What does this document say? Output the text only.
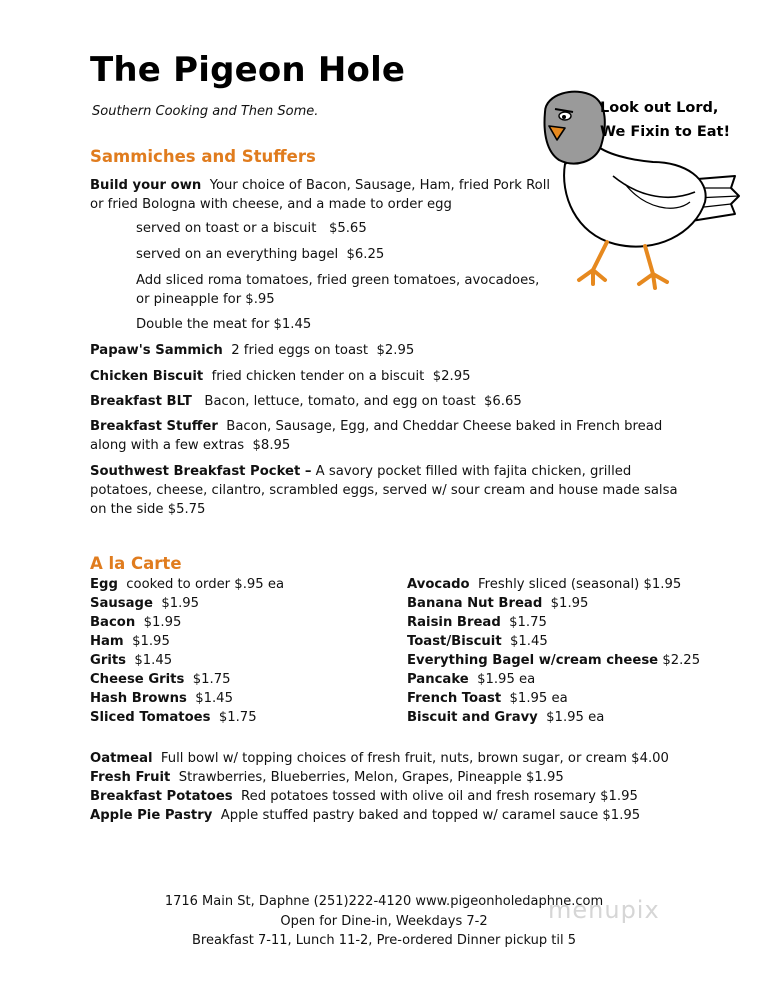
The Pigeon Hole
Southern Cooking and Then Some.	Look out Lord,
We Fixin to Eat!
Sammiches and Stuffers
Build your own Your choice of Bacon, Sausage, Ham, fried Pork Roll
or fried Bologna with cheese, and a made to order egg
served on toast or a biscuit $5.65
served on an everything bagel $6.25
Add sliced roma tomatoes, fried green tomatoes, avocadoes, or pineapple for $.95
Double the meat for $1.45
Papaw's Sammich 2 fried eggs on toast $2.95
Chicken Biscuit fried chicken tender on a biscuit $2.95
Breakfast BLT Bacon, lettuce, tomato, and egg on toast $6.65
Breakfast Stuffer Bacon, Sausage, Egg, and Cheddar Cheese baked in French bread along with a few extras $8.95
Southwest Breakfast Pocket – A savory pocket filled with fajita chicken, grilled potatoes, cheese, cilantro, scrambled eggs, served w/ sour cream and house made salsa on the side $5.75
A la Carte
Egg cooked to order $.95 ea
Sausage $1.95
Bacon $1.95
Ham $1.95
Grits $1.45
Cheese Grits $1.75
Hash Browns $1.45
Sliced Tomatoes $1.75
Avocado Freshly sliced (seasonal) $1.95
Banana Nut Bread $1.95
Raisin Bread $1.75
Toast/Biscuit $1.45
Everything Bagel w/cream cheese $2.25
Pancake  $1.95 ea
French Toast $1.95 ea
Biscuit and Gravy $1.95 ea
Oatmeal Full bowl w/ topping choices of fresh fruit, nuts, brown sugar, or cream $4.00
Fresh Fruit Strawberries, Blueberries, Melon, Grapes, Pineapple $1.95
Breakfast Potatoes Red potatoes tossed with olive oil and fresh rosemary $1.95
Apple Pie Pastry Apple stuffed pastry baked and topped w/ caramel sauce $1.95
menupix
1716 Main St, Daphne (251)222-4120 www.pigeonholedaphne.com
Open for Dine-in, Weekdays 7-2
Breakfast 7-11, Lunch 11-2, Pre-ordered Dinner pickup til 5
